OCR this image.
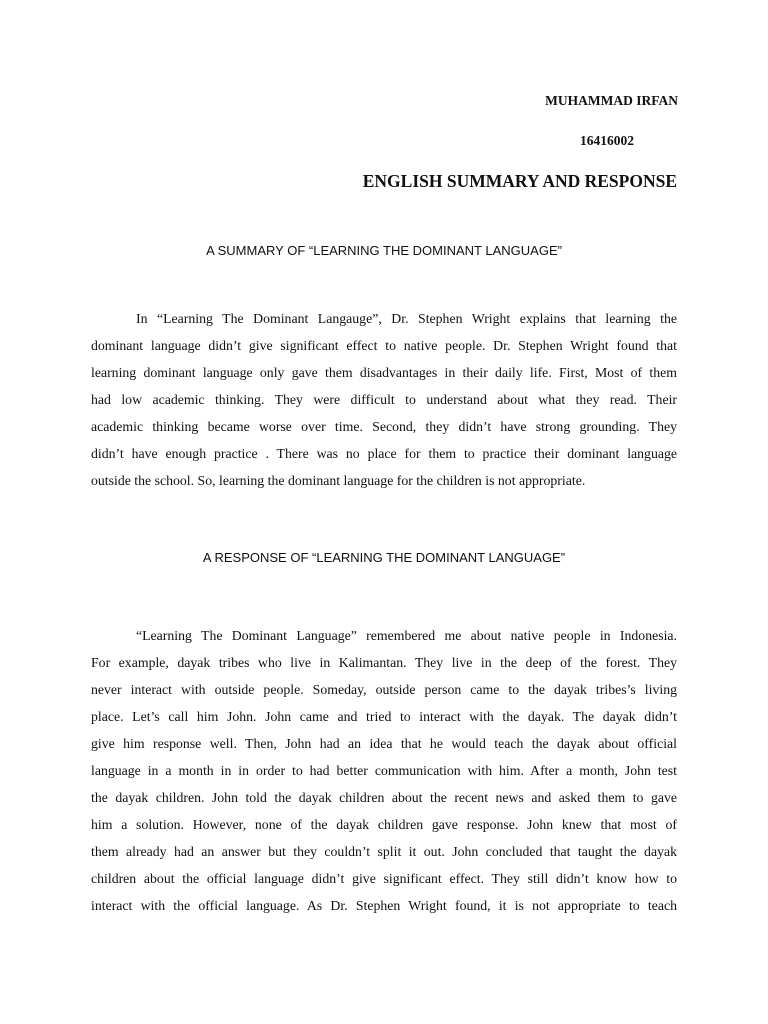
MUHAMMAD IRFAN
16416002
ENGLISH SUMMARY AND RESPONSE
A SUMMARY OF “LEARNING THE DOMINANT LANGUAGE”

In “Learning The Dominant Langauge”, Dr. Stephen Wright explains that learning the
dominant language didn’t give significant effect to native people. Dr. Stephen Wright found that
learning dominant language only gave them disadvantages in their daily life. First, Most of them
had low academic thinking. They were difficult to understand about what they read. Their
academic thinking became worse over time. Second, they didn’t have strong grounding. They
didn’t have enough practice . There was no place for them to practice their dominant language
outside the school. So, learning the dominant language for the children is not appropriate.

A RESPONSE OF “LEARNING THE DOMINANT LANGUAGE”

“Learning The Dominant Language” remembered me about native people in Indonesia.
For example, dayak tribes who live in Kalimantan. They live in the deep of the forest. They
never interact with outside people. Someday, outside person came to the dayak tribes’s living
place. Let’s call him John. John came and tried to interact with the dayak. The dayak didn’t
give him response well. Then, John had an idea that he would teach the dayak about official
language in a month in in order to had better communication with him. After a month, John test
the dayak children. John told the dayak children about the recent news and asked them to gave
him a solution. However, none of the dayak children gave response. John knew that most of
them already had an answer but they couldn’t split it out. John concluded that taught the dayak
children about the official language didn’t give significant effect. They still didn’t know how to
interact with the official language. As Dr. Stephen Wright found, it is not appropriate to teach
